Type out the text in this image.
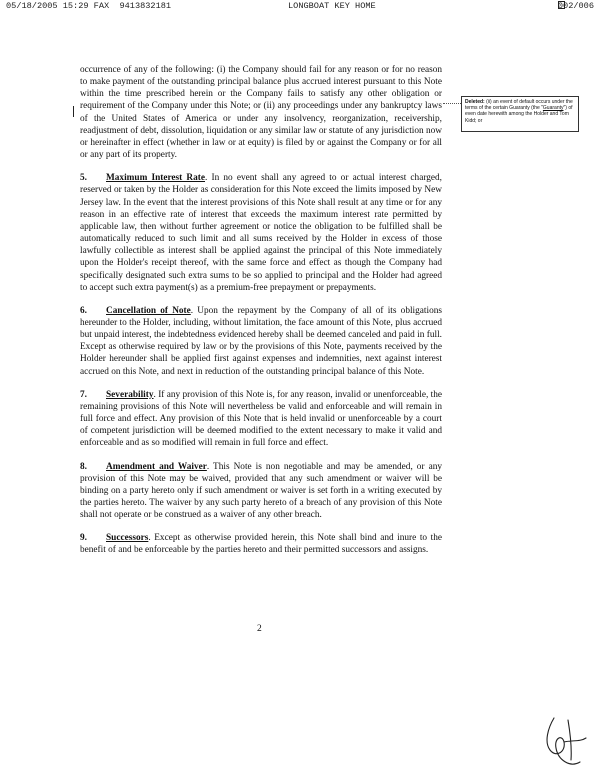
05/18/2005 15:29 FAX 9413832181	LONGBOAT KEY HOME	002/006

occurrence of any of the following: (i) the Company should fail for any reason or for no reason to make payment of the outstanding principal balance plus accrued interest pursuant to this Note within the time prescribed herein or the Company fails to satisfy any other obligation or requirement of the Company under this Note; or (ii) any proceedings under any bankruptcy laws of the United States of America or under any insolvency, reorganization, receivership, readjustment of debt, dissolution, liquidation or any similar law or statute of any jurisdiction now or hereinafter in effect (whether in law or at equity) is filed by or against the Company or for all or any part of its property.

5. Maximum Interest Rate. In no event shall any agreed to or actual interest charged, reserved or taken by the Holder as consideration for this Note exceed the limits imposed by New Jersey law. In the event that the interest provisions of this Note shall result at any time or for any reason in an effective rate of interest that exceeds the maximum interest rate permitted by applicable law, then without further agreement or notice the obligation to be fulfilled shall be automatically reduced to such limit and all sums received by the Holder in excess of those lawfully collectible as interest shall be applied against the principal of this Note immediately upon the Holder's receipt thereof, with the same force and effect as though the Company had specifically designated such extra sums to be so applied to principal and the Holder had agreed to accept such extra payment(s) as a premium-free prepayment or prepayments.

6. Cancellation of Note. Upon the repayment by the Company of all of its obligations hereunder to the Holder, including, without limitation, the face amount of this Note, plus accrued but unpaid interest, the indebtedness evidenced hereby shall be deemed canceled and paid in full. Except as otherwise required by law or by the provisions of this Note, payments received by the Holder hereunder shall be applied first against expenses and indemnities, next against interest accrued on this Note, and next in reduction of the outstanding principal balance of this Note.

7. Severability. If any provision of this Note is, for any reason, invalid or unenforceable, the remaining provisions of this Note will nevertheless be valid and enforceable and will remain in full force and effect. Any provision of this Note that is held invalid or unenforceable by a court of competent jurisdiction will be deemed modified to the extent necessary to make it valid and enforceable and as so modified will remain in full force and effect.

8. Amendment and Waiver. This Note is non negotiable and may be amended, or any provision of this Note may be waived, provided that any such amendment or waiver will be binding on a party hereto only if such amendment or waiver is set forth in a writing executed by the parties hereto. The waiver by any such party hereto of a breach of any provision of this Note shall not operate or be construed as a waiver of any other breach.

9. Successors. Except as otherwise provided herein, this Note shall bind and inure to the benefit of and be enforceable by the parties hereto and their permitted successors and assigns.

Deleted: (ii) an event of default occurs under the terms of the certain Guaranty (the "Guaranty") of even date herewith among the Holder and Tom Kidd; or
2
